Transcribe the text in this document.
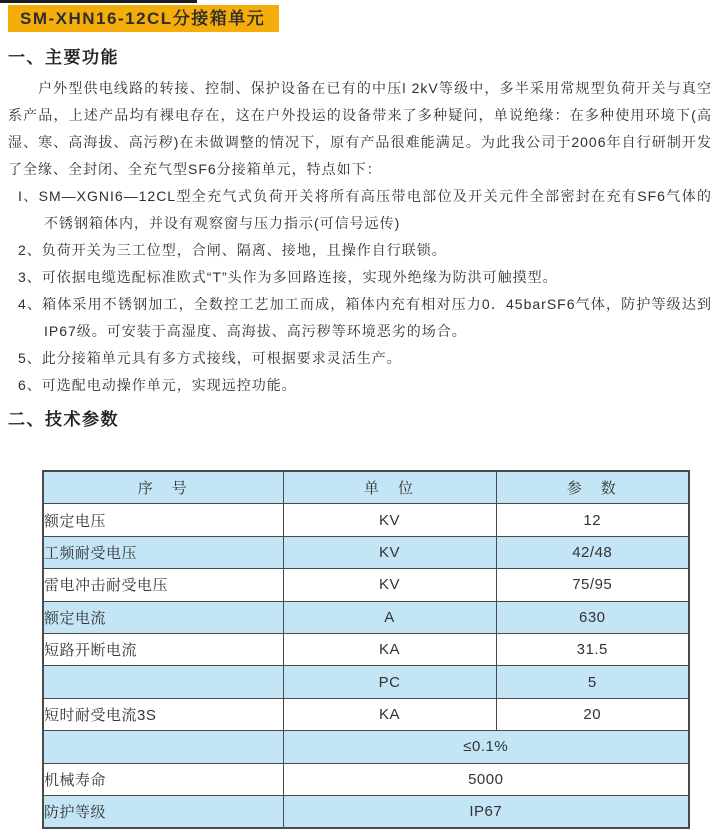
SM-XHN16-12CL分接箱单元
一、主要功能
户外型供电线路的转接、控制、保护设备在已有的中压l 2kV等级中，多半采用常规型负荷开关与真空系产品，上述产品均有裸电存在，这在户外投运的设备带来了多种疑问，单说绝缘：在多种使用环境下(高湿、寒、高海拔、高污秽)在未做调整的情况下，原有产品很难能满足。为此我公司于2006年自行研制开发了全缘、全封闭、全充气型SF6分接箱单元，特点如下：
I、SM—XGNI6—12CL型全充气式负荷开关将所有高压带电部位及开关元件全部密封在充有SF6气体的不锈钢箱体内，并设有观察窗与压力指示(可信号远传)
2、负荷开关为三工位型，合闸、隔离、接地，且操作自行联锁。
3、可依据电缆选配标准欧式“T”头作为多回路连接，实现外绝缘为防洪可触摸型。
4、箱体采用不锈钢加工，全数控工艺加工而成，箱体内充有相对压力0．45barSF6气体，防护等级达到IP67级。可安装于高湿度、高海拔、高污秽等环境恶劣的场合。
5、此分接箱单元具有多方式接线，可根据要求灵活生产。
6、可选配电动操作单元，实现远控功能。
二、技术参数
序　号	单　位	参　数
额定电压	KV	12
工频耐受电压	KV	42/48
雷电冲击耐受电压	KV	75/95
额定电流	A	630
短路开断电流	KA	31.5
	PC	5
短时耐受电流3S	KA	20
	≤0.1%	
机械寿命	5000	
防护等级	IP67	
